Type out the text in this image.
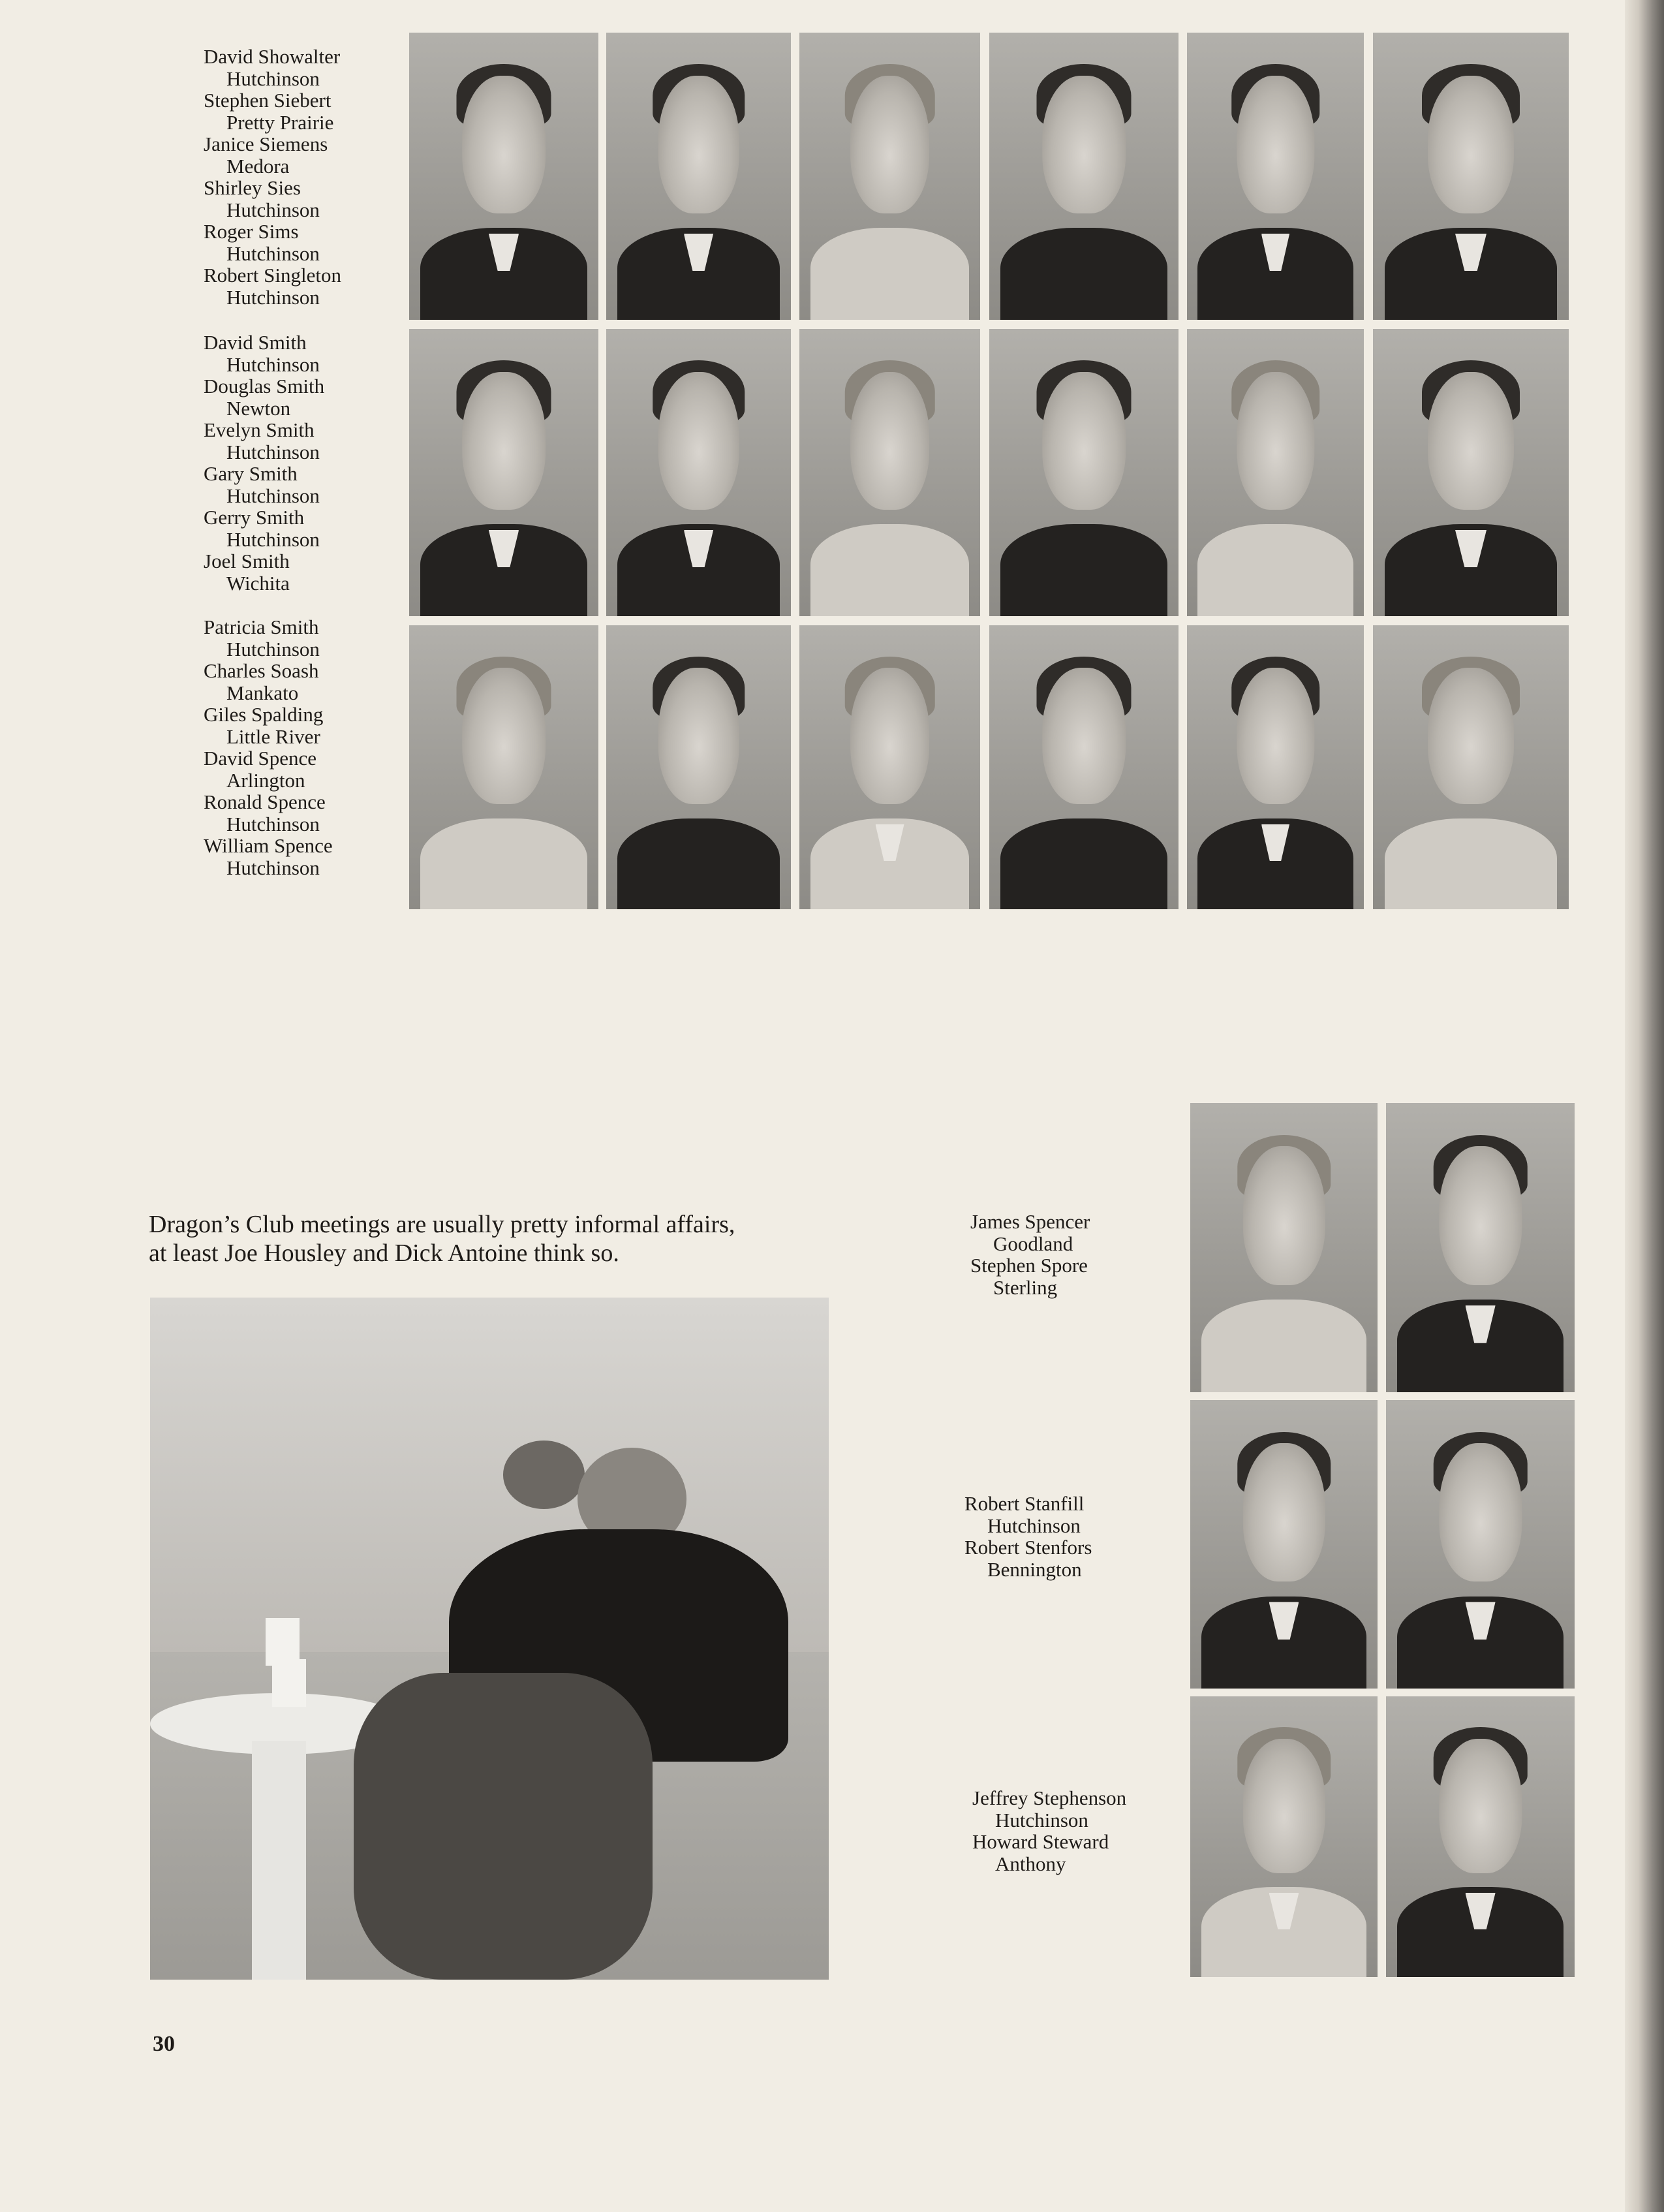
David Showalter
Hutchinson
Stephen Siebert
Pretty Prairie
Janice Siemens
Medora
Shirley Sies
Hutchinson
Roger Sims
Hutchinson
Robert Singleton
Hutchinson
David Smith
Hutchinson
Douglas Smith
Newton
Evelyn Smith
Hutchinson
Gary Smith
Hutchinson
Gerry Smith
Hutchinson
Joel Smith
Wichita
Patricia Smith
Hutchinson
Charles Soash
Mankato
Giles Spalding
Little River
David Spence
Arlington
Ronald Spence
Hutchinson
William Spence
Hutchinson
Dragon’s Club meetings are usually pretty informal affairs,
at least Joe Housley and Dick Antoine think so.
James Spencer
Goodland
Stephen Spore
Sterling
Robert Stanfill
Hutchinson
Robert Stenfors
Bennington
Jeffrey Stephenson
Hutchinson
Howard Steward
Anthony
30
